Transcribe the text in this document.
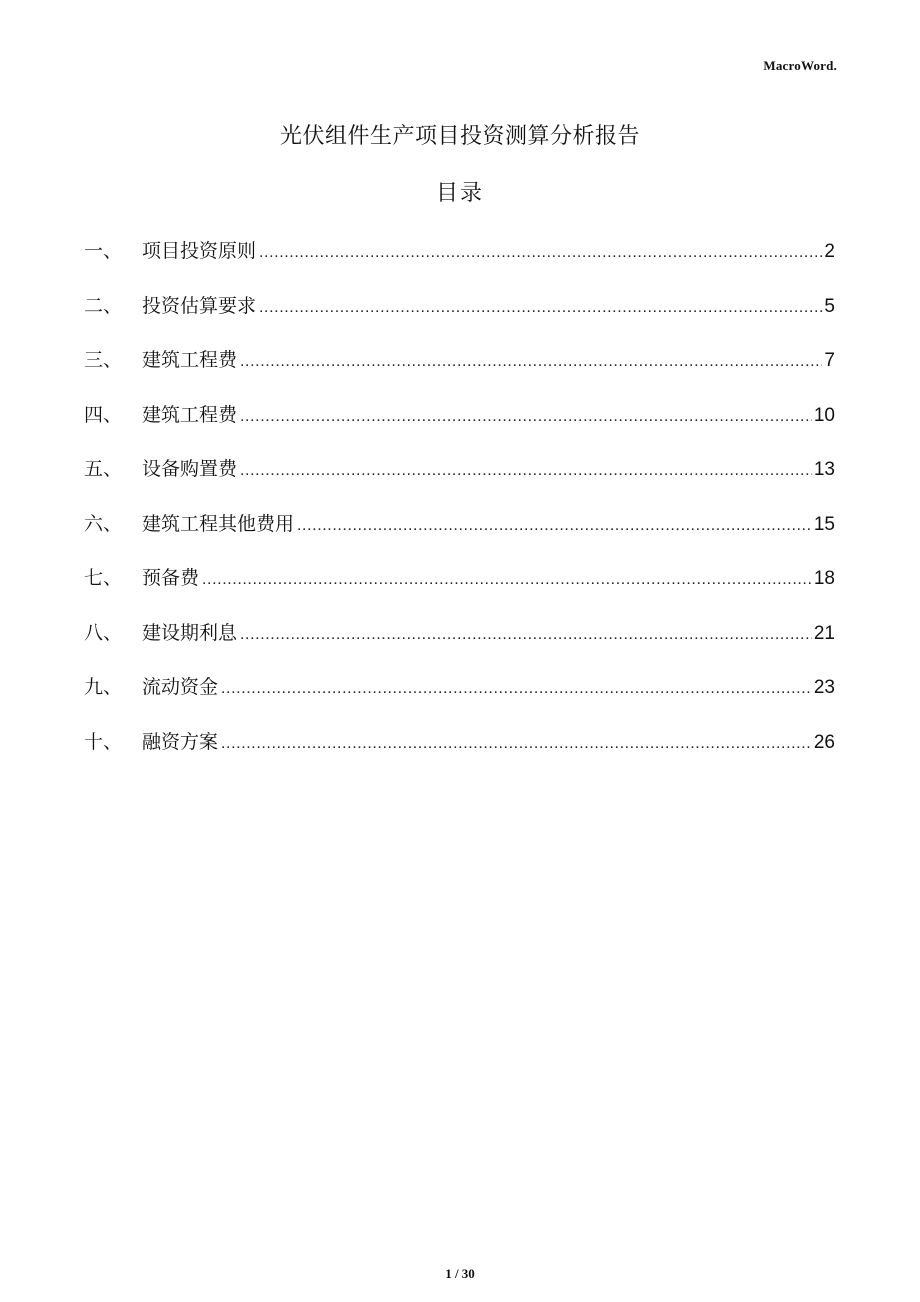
MacroWord.
光伏组件生产项目投资测算分析报告
目录
一、	项目投资原则 .....	2
二、	投资估算要求 .....	5
三、	建筑工程费 .....	7
四、	建筑工程费 .....	10
五、	设备购置费 .....	13
六、	建筑工程其他费用 .....	15
七、	预备费 .....	18
八、	建设期利息 .....	21
九、	流动资金 .....	23
十、	融资方案 .....	26
1 / 30
